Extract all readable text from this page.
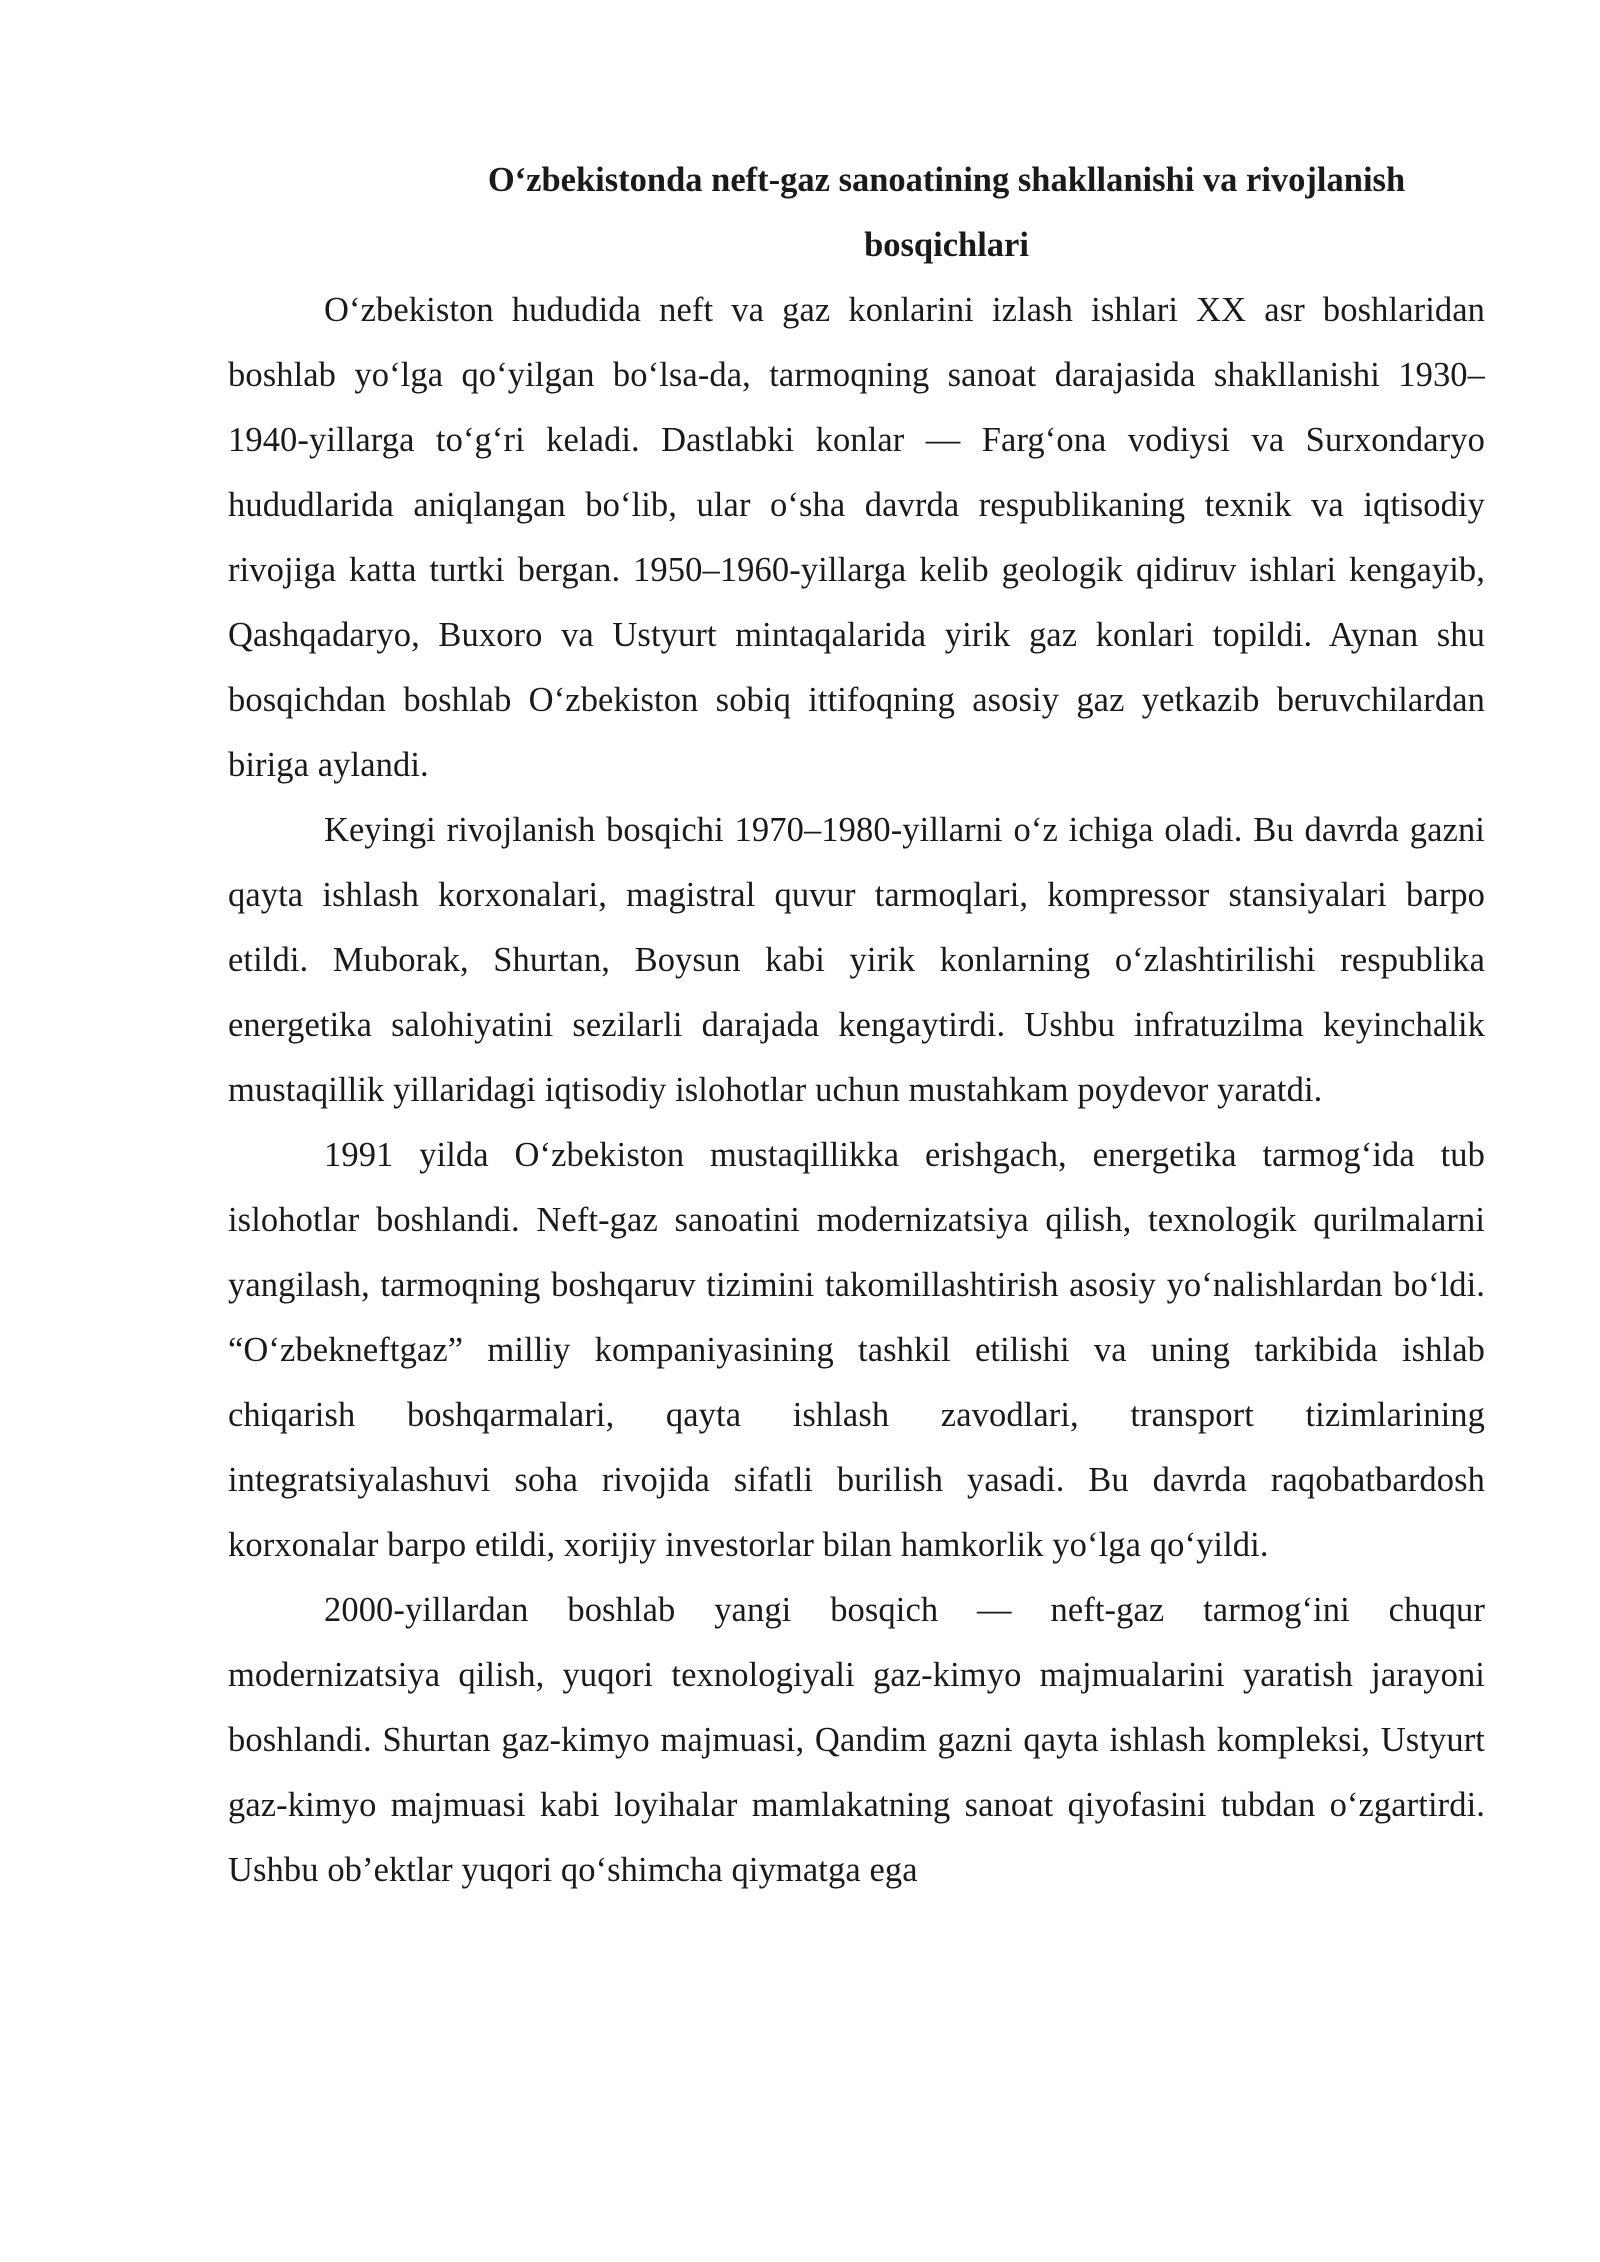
O‘zbekistonda neft-gaz sanoatining shakllanishi va rivojlanish
bosqichlari

O‘zbekiston hududida neft va gaz konlarini izlash ishlari XX asr boshlaridan boshlab yo‘lga qo‘yilgan bo‘lsa-da, tarmoqning sanoat darajasida shakllanishi 1930–1940-yillarga to‘g‘ri keladi. Dastlabki konlar — Farg‘ona vodiysi va Surxondaryo hududlarida aniqlangan bo‘lib, ular o‘sha davrda respublikaning texnik va iqtisodiy rivojiga katta turtki bergan. 1950–1960-yillarga kelib geologik qidiruv ishlari kengayib, Qashqadaryo, Buxoro va Ustyurt mintaqalarida yirik gaz konlari topildi. Aynan shu bosqichdan boshlab O‘zbekiston sobiq ittifoqning asosiy gaz yetkazib beruvchilardan biriga aylandi.

Keyingi rivojlanish bosqichi 1970–1980-yillarni o‘z ichiga oladi. Bu davrda gazni qayta ishlash korxonalari, magistral quvur tarmoqlari, kompressor stansiyalari barpo etildi. Muborak, Shurtan, Boysun kabi yirik konlarning o‘zlashtirilishi respublika energetika salohiyatini sezilarli darajada kengaytirdi. Ushbu infratuzilma keyinchalik mustaqillik yillaridagi iqtisodiy islohotlar uchun mustahkam poydevor yaratdi.

1991 yilda O‘zbekiston mustaqillikka erishgach, energetika tarmog‘ida tub islohotlar boshlandi. Neft-gaz sanoatini modernizatsiya qilish, texnologik qurilmalarni yangilash, tarmoqning boshqaruv tizimini takomillashtirish asosiy yo‘nalishlardan bo‘ldi. “O‘zbekneftgaz” milliy kompaniyasining tashkil etilishi va uning tarkibida ishlab chiqarish boshqarmalari, qayta ishlash zavodlari, transport tizimlarining integratsiyalashuvi soha rivojida sifatli burilish yasadi. Bu davrda raqobatbardosh korxonalar barpo etildi, xorijiy investorlar bilan hamkorlik yo‘lga qo‘yildi.

2000-yillardan boshlab yangi bosqich — neft-gaz tarmog‘ini chuqur modernizatsiya qilish, yuqori texnologiyali gaz-kimyo majmualarini yaratish jarayoni boshlandi. Shurtan gaz-kimyo majmuasi, Qandim gazni qayta ishlash kompleksi, Ustyurt gaz-kimyo majmuasi kabi loyihalar mamlakatning sanoat qiyofasini tubdan o‘zgartirdi. Ushbu ob’ektlar yuqori qo‘shimcha qiymatga ega
